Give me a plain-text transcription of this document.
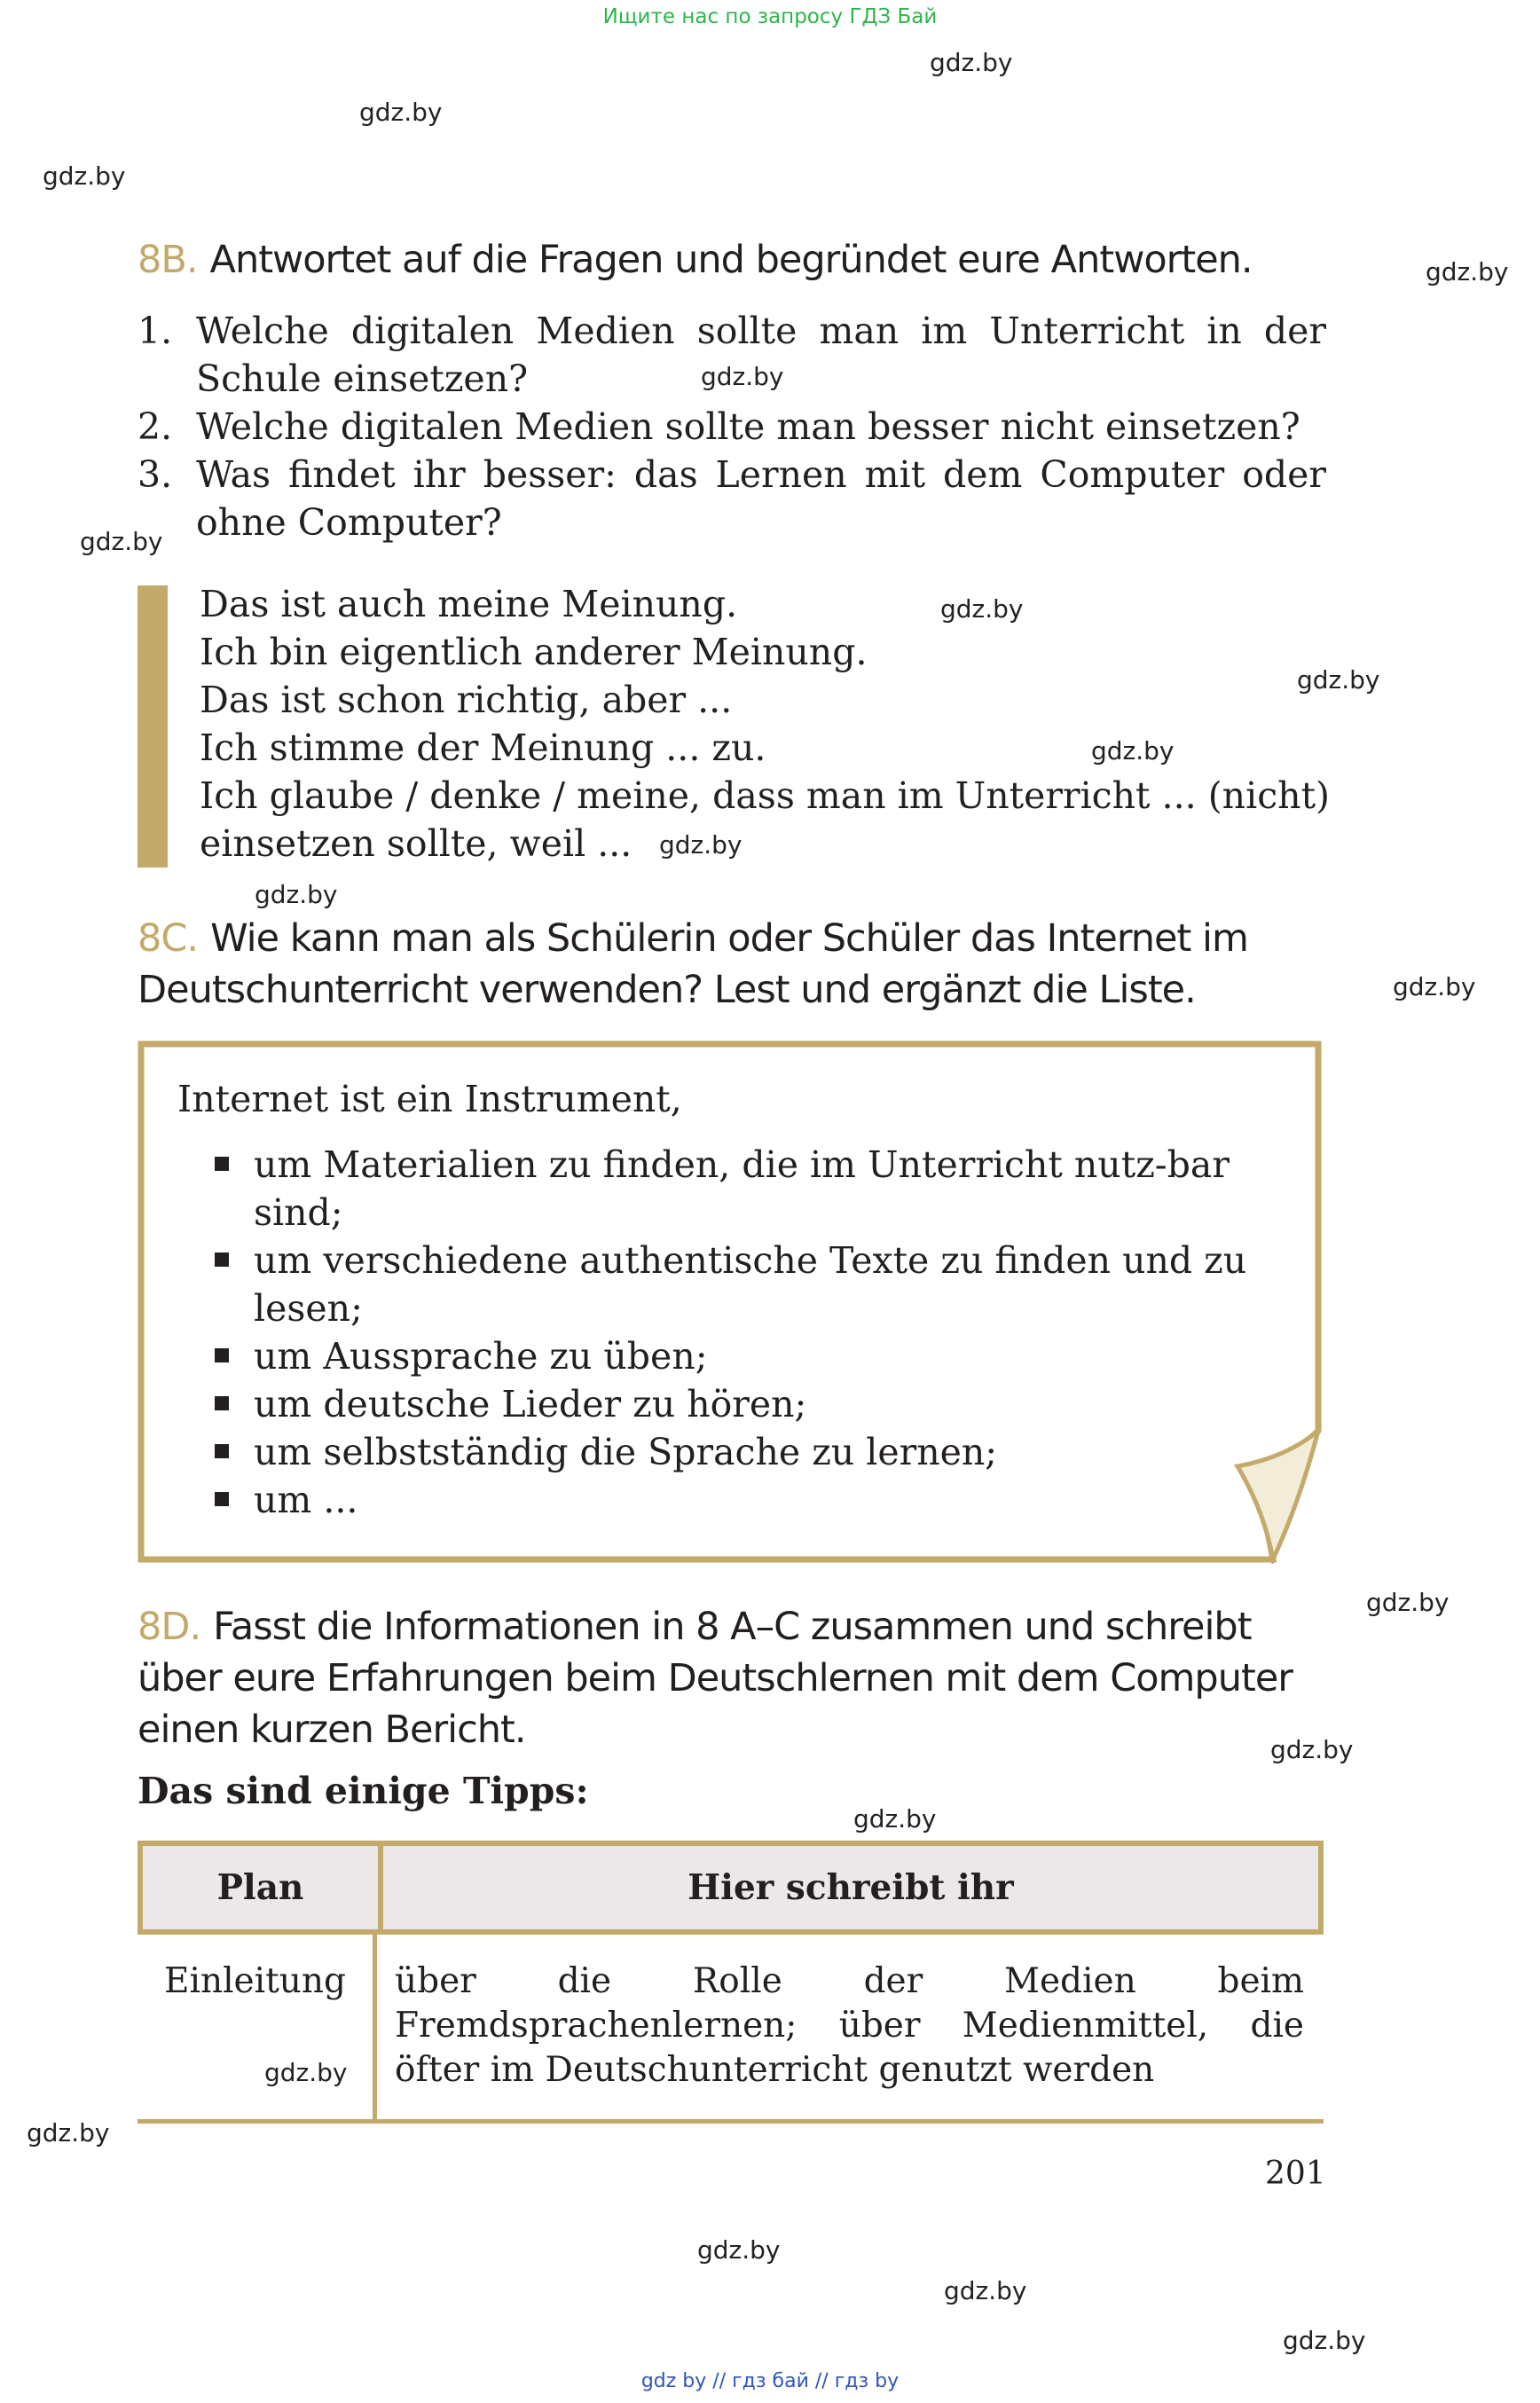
Ищите нас по запросу ГДЗ Бай
gdz.by
gdz.by
gdz.by
gdz.by
gdz.by
gdz.by
gdz.by
gdz.by
gdz.by
gdz.by
gdz.by
gdz.by
gdz.by
gdz.by
gdz.by
gdz.by
gdz.by
gdz.by
gdz.by
gdz.by
8B. Antwortet auf die Fragen und begründet eure Antworten.
1. Welche digitalen Medien sollte man im Unterricht in der Schule einsetzen?
2. Welche digitalen Medien sollte man besser nicht einsetzen?
3. Was findet ihr besser: das Lernen mit dem Computer oder ohne Computer?
Das ist auch meine Meinung.
Ich bin eigentlich anderer Meinung.
Das ist schon richtig, aber ...
Ich stimme der Meinung ... zu.
Ich glaube / denke / meine, dass man im Unterricht ... (nicht)
einsetzen sollte, weil ...
8C. Wie kann man als Schülerin oder Schüler das Internet im Deutschunterricht verwenden? Lest und ergänzt die Liste.
Internet ist ein Instrument,
um Materialien zu finden, die im Unterricht nutz-bar sind;
um verschiedene authentische Texte zu finden und zu lesen;
um Aussprache zu üben;
um deutsche Lieder zu hören;
um selbstständig die Sprache zu lernen;
um ...
8D. Fasst die Informationen in 8 A–C zusammen und schreibt über eure Erfahrungen beim Deutschlernen mit dem Computer einen kurzen Bericht.
Das sind einige Tipps:
Plan	Hier schreibt ihr
Einleitung	über die Rolle der Medien beim Fremdsprachenlernen; über Medienmittel, die öfter im Deutschunterricht genutzt werden
201
gdz by // гдз бай // гдз by
